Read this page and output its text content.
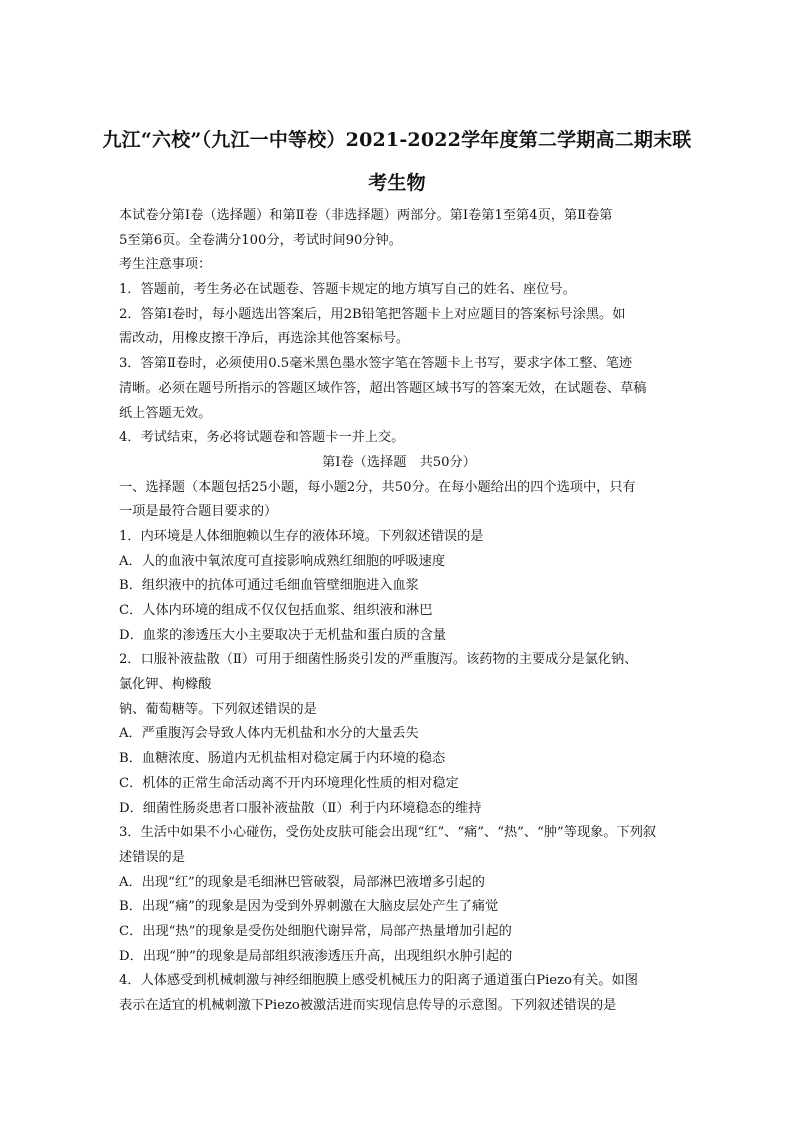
九江“六校”（九江一中等校）2021-2022学年度第二学期高二期末联
考生物
本试卷分第Ⅰ卷（选择题）和第Ⅱ卷（非选择题）两部分。第Ⅰ卷第1至第4页，第Ⅱ卷第
5至第6页。全卷满分100分，考试时间90分钟。
考生注意事项：
1．答题前，考生务必在试题卷、答题卡规定的地方填写自己的姓名、座位号。
2．答第Ⅰ卷时，每小题选出答案后，用2B铅笔把答题卡上对应题目的答案标号涂黑。如
需改动，用橡皮擦干净后，再选涂其他答案标号。
3．答第Ⅱ卷时，必须使用0.5毫米黑色墨水签字笔在答题卡上书写，要求字体工整、笔迹
清晰。必须在题号所指示的答题区域作答，超出答题区域书写的答案无效，在试题卷、草稿
纸上答题无效。
4．考试结束，务必将试题卷和答题卡一并上交。
第Ⅰ卷（选择题　共50分）
一、选择题（本题包括25小题，每小题2分，共50分。在每小题给出的四个选项中，只有
一项是最符合题目要求的）
1．内环境是人体细胞赖以生存的液体环境。下列叙述错误的是
A．人的血液中氧浓度可直接影响成熟红细胞的呼吸速度
B．组织液中的抗体可通过毛细血管壁细胞进入血浆
C．人体内环境的组成不仅仅包括血浆、组织液和淋巴
D．血浆的渗透压大小主要取决于无机盐和蛋白质的含量
2．口服补液盐散（Ⅱ）可用于细菌性肠炎引发的严重腹泻。该药物的主要成分是氯化钠、
氯化钾、枸橼酸
钠、葡萄糖等。下列叙述错误的是
A．严重腹泻会导致人体内无机盐和水分的大量丢失
B．血糖浓度、肠道内无机盐相对稳定属于内环境的稳态
C．机体的正常生命活动离不开内环境理化性质的相对稳定
D．细菌性肠炎患者口服补液盐散（Ⅱ）利于内环境稳态的维持
3．生活中如果不小心碰伤，受伤处皮肤可能会出现“红”、“痛”、“热”、“肿”等现象。下列叙
述错误的是
A．出现“红”的现象是毛细淋巴管破裂，局部淋巴液增多引起的
B．出现“痛”的现象是因为受到外界刺激在大脑皮层处产生了痛觉
C．出现“热”的现象是受伤处细胞代谢异常，局部产热量增加引起的
D．出现“肿”的现象是局部组织液渗透压升高，出现组织水肿引起的
4．人体感受到机械刺激与神经细胞膜上感受机械压力的阳离子通道蛋白Piezo有关。如图
表示在适宜的机械刺激下Piezo被激活进而实现信息传导的示意图。下列叙述错误的是
